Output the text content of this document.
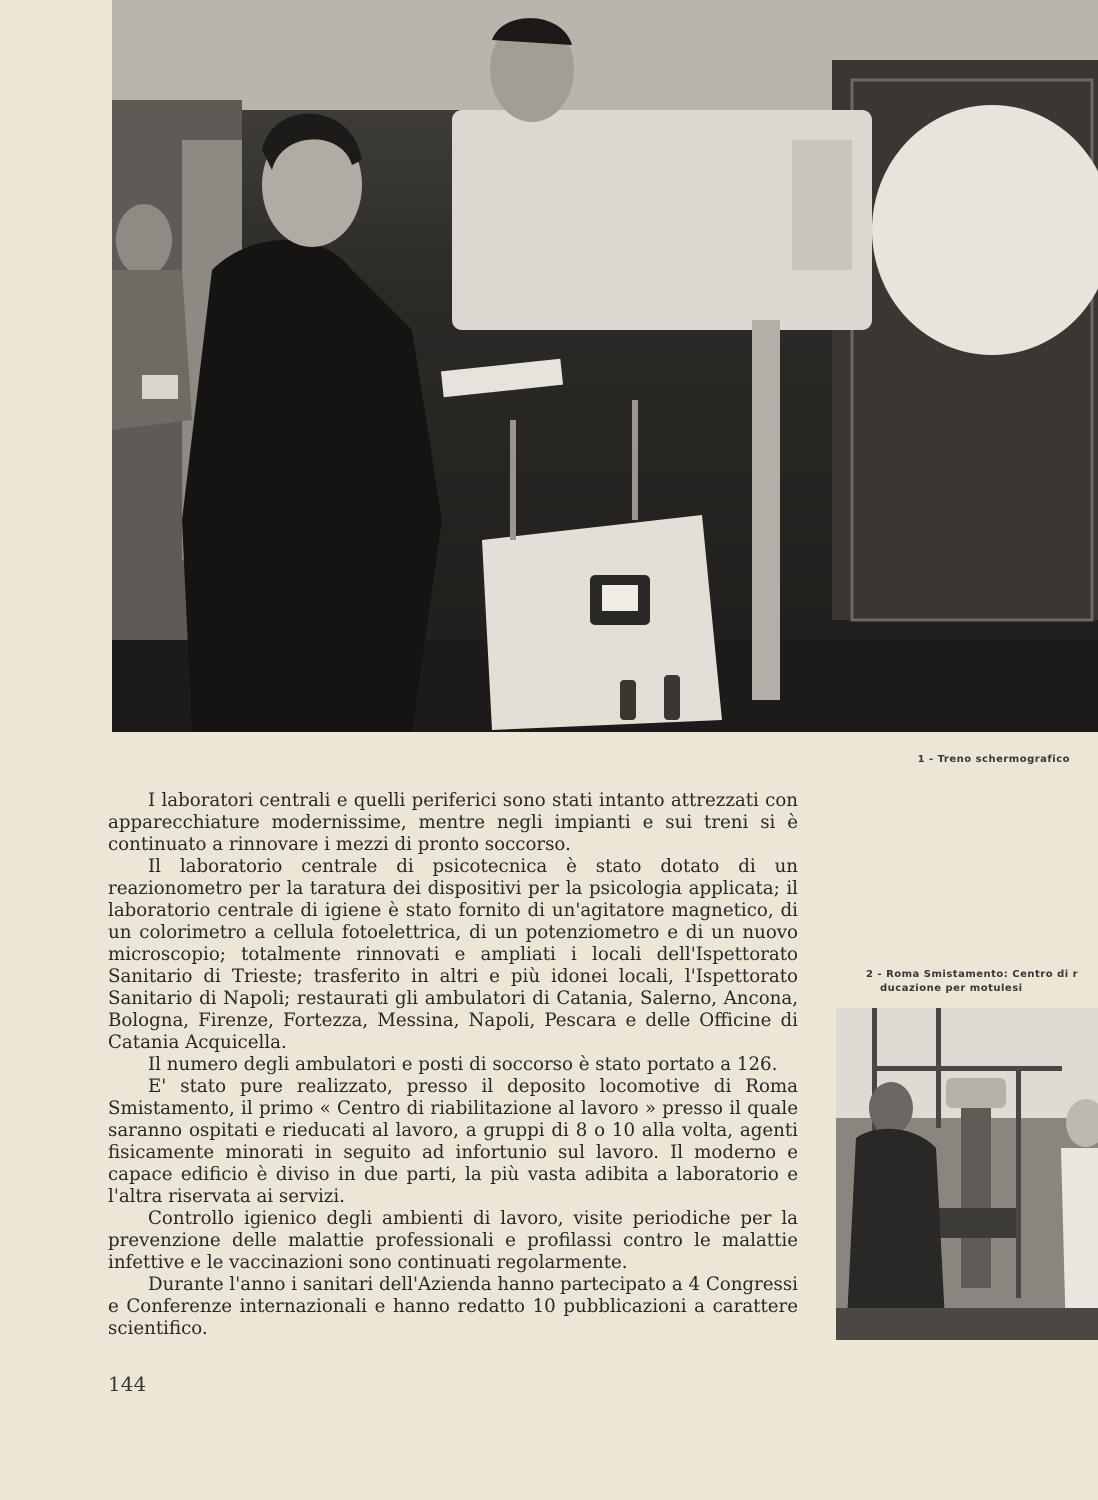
1 - Treno schermografico

I laboratori centrali e quelli periferici sono stati intanto attrezzati con apparecchiature modernissime, mentre negli impianti e sui treni si è continuato a rinnovare i mezzi di pronto soccorso.

Il laboratorio centrale di psicotecnica è stato dotato di un reazionometro per la taratura dei dispositivi per la psicologia applicata; il laboratorio centrale di igiene è stato fornito di un'agitatore magnetico, di un colorimetro a cellula fotoelettrica, di un potenziometro e di un nuovo microscopio; totalmente rinnovati e ampliati i locali dell'Ispettorato Sanitario di Trieste; trasferito in altri e più idonei locali, l'Ispettorato Sanitario di Napoli; restaurati gli ambulatori di Catania, Salerno, Ancona, Bologna, Firenze, Fortezza, Messina, Napoli, Pescara e delle Officine di Catania Acquicella.

Il numero degli ambulatori e posti di soccorso è stato portato a 126.

E' stato pure realizzato, presso il deposito locomotive di Roma Smistamento, il primo « Centro di riabilitazione al lavoro » presso il quale saranno ospitati e rieducati al lavoro, a gruppi di 8 o 10 alla volta, agenti fisicamente minorati in seguito ad infortunio sul lavoro. Il moderno e capace edificio è diviso in due parti, la più vasta adibita a laboratorio e l'altra riservata ai servizi.

Controllo igienico degli ambienti di lavoro, visite periodiche per la prevenzione delle malattie professionali e profilassi contro le malattie infettive e le vaccinazioni sono continuati regolarmente.

Durante l'anno i sanitari dell'Azienda hanno partecipato a 4 Congressi e Conferenze internazionali e hanno redatto 10 pubblicazioni a carattere scientifico.

2 - Roma Smistamento: Centro di r
ducazione per motulesi
144
